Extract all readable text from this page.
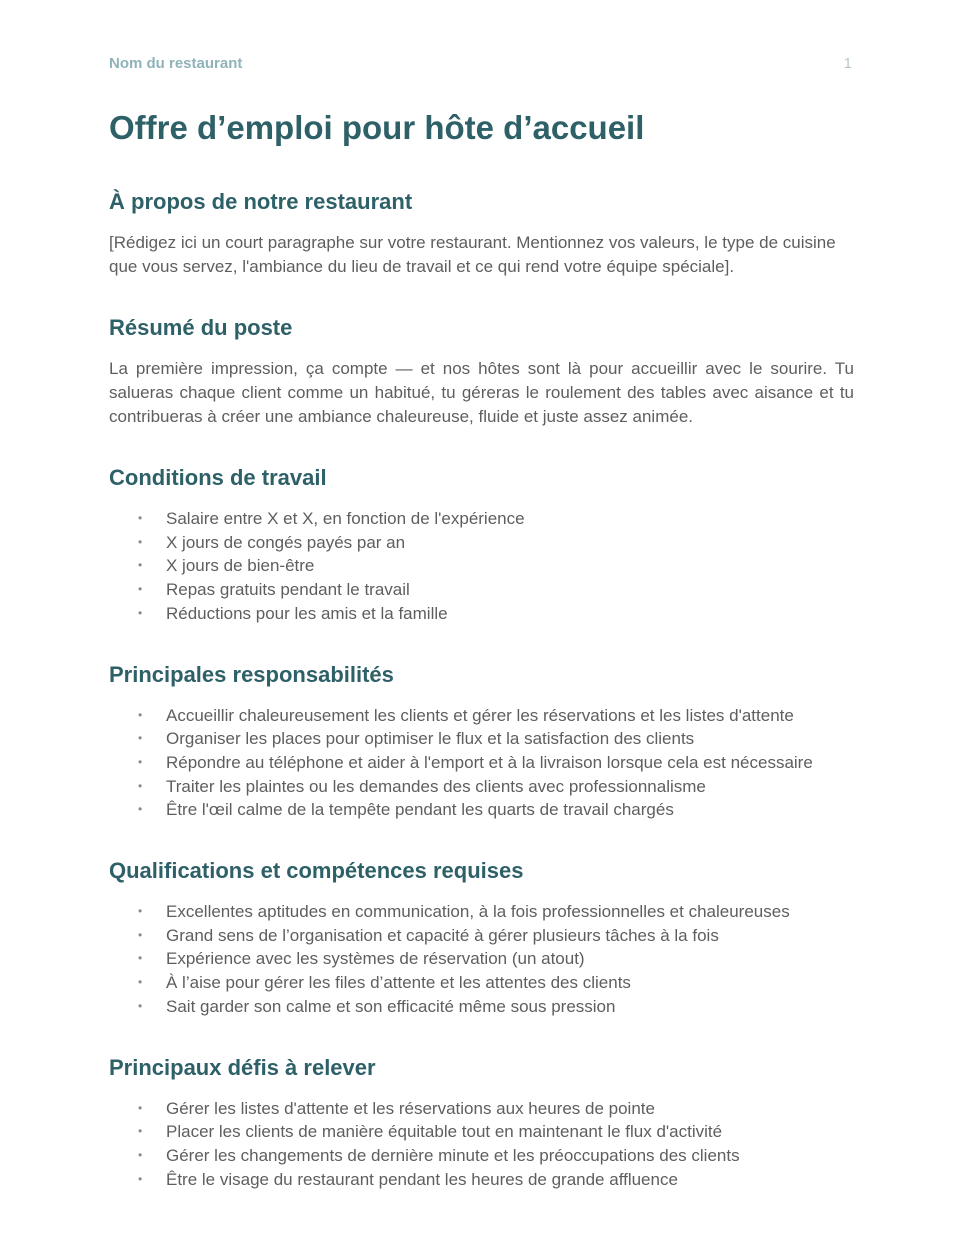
Nom du restaurant	1
Offre d’emploi pour hôte d’accueil
À propos de notre restaurant

[Rédigez ici un court paragraphe sur votre restaurant. Mentionnez vos valeurs, le type de cuisine que vous servez, l'ambiance du lieu de travail et ce qui rend votre équipe spéciale].

Résumé du poste

La première impression, ça compte — et nos hôtes sont là pour accueillir avec le sourire. Tu salueras chaque client comme un habitué, tu géreras le roulement des tables avec aisance et tu contribueras à créer une ambiance chaleureuse, fluide et juste assez animée.

Conditions de travail
• Salaire entre X et X, en fonction de l'expérience
• X jours de congés payés par an
• X jours de bien-être
• Repas gratuits pendant le travail
• Réductions pour les amis et la famille
Principales responsabilités
• Accueillir chaleureusement les clients et gérer les réservations et les listes d'attente
• Organiser les places pour optimiser le flux et la satisfaction des clients
• Répondre au téléphone et aider à l'emport et à la livraison lorsque cela est nécessaire
• Traiter les plaintes ou les demandes des clients avec professionnalisme
• Être l'œil calme de la tempête pendant les quarts de travail chargés
Qualifications et compétences requises
• Excellentes aptitudes en communication, à la fois professionnelles et chaleureuses
• Grand sens de l’organisation et capacité à gérer plusieurs tâches à la fois
• Expérience avec les systèmes de réservation (un atout)
• À l’aise pour gérer les files d’attente et les attentes des clients
• Sait garder son calme et son efficacité même sous pression
Principaux défis à relever
• Gérer les listes d'attente et les réservations aux heures de pointe
• Placer les clients de manière équitable tout en maintenant le flux d'activité
• Gérer les changements de dernière minute et les préoccupations des clients
• Être le visage du restaurant pendant les heures de grande affluence
